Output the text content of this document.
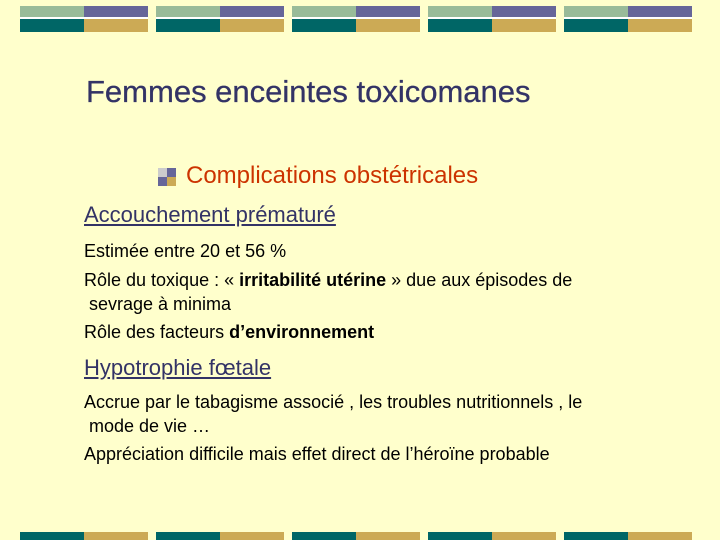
Femmes enceintes toxicomanes

Complications obstétricales

Accouchement prématuré

Estimée entre 20 et 56 %

Rôle du toxique : « irritabilité utérine » due aux épisodes de

sevrage à minima

Rôle des facteurs d’environnement

Hypotrophie fœtale

Accrue par le tabagisme associé , les troubles nutritionnels , le

mode de vie …

Appréciation difficile mais effet direct de l’héroïne probable
